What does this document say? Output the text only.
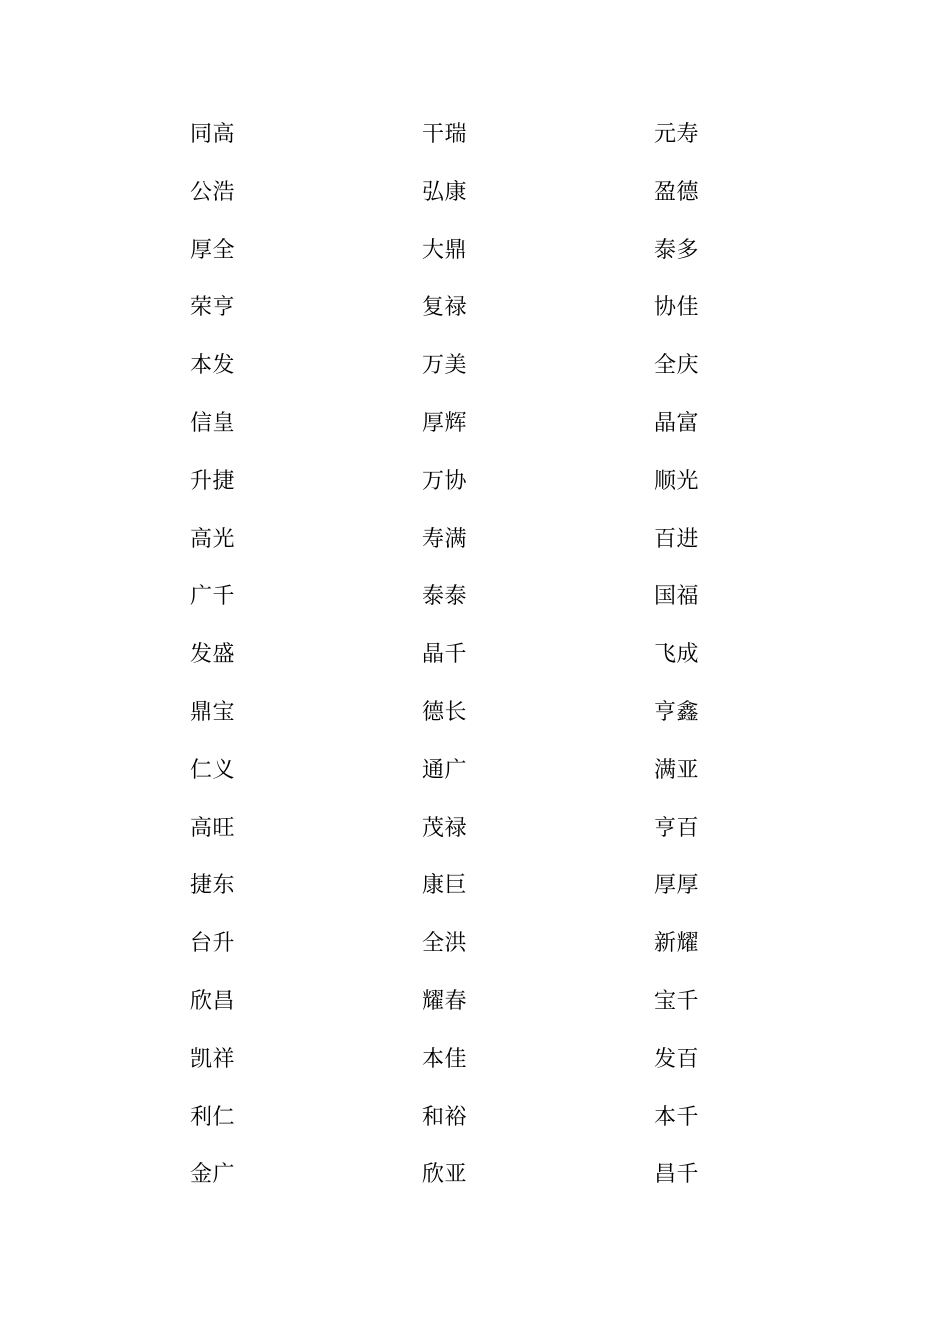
同高	干瑞	元寿
公浩	弘康	盈德
厚全	大鼎	泰多
荣亨	复禄	协佳
本发	万美	全庆
信皇	厚辉	晶富
升捷	万协	顺光
高光	寿满	百进
广千	泰泰	国福
发盛	晶千	飞成
鼎宝	德长	亨鑫
仁义	通广	满亚
高旺	茂禄	亨百
捷东	康巨	厚厚
台升	全洪	新耀
欣昌	耀春	宝千
凯祥	本佳	发百
利仁	和裕	本千
金广	欣亚	昌千
